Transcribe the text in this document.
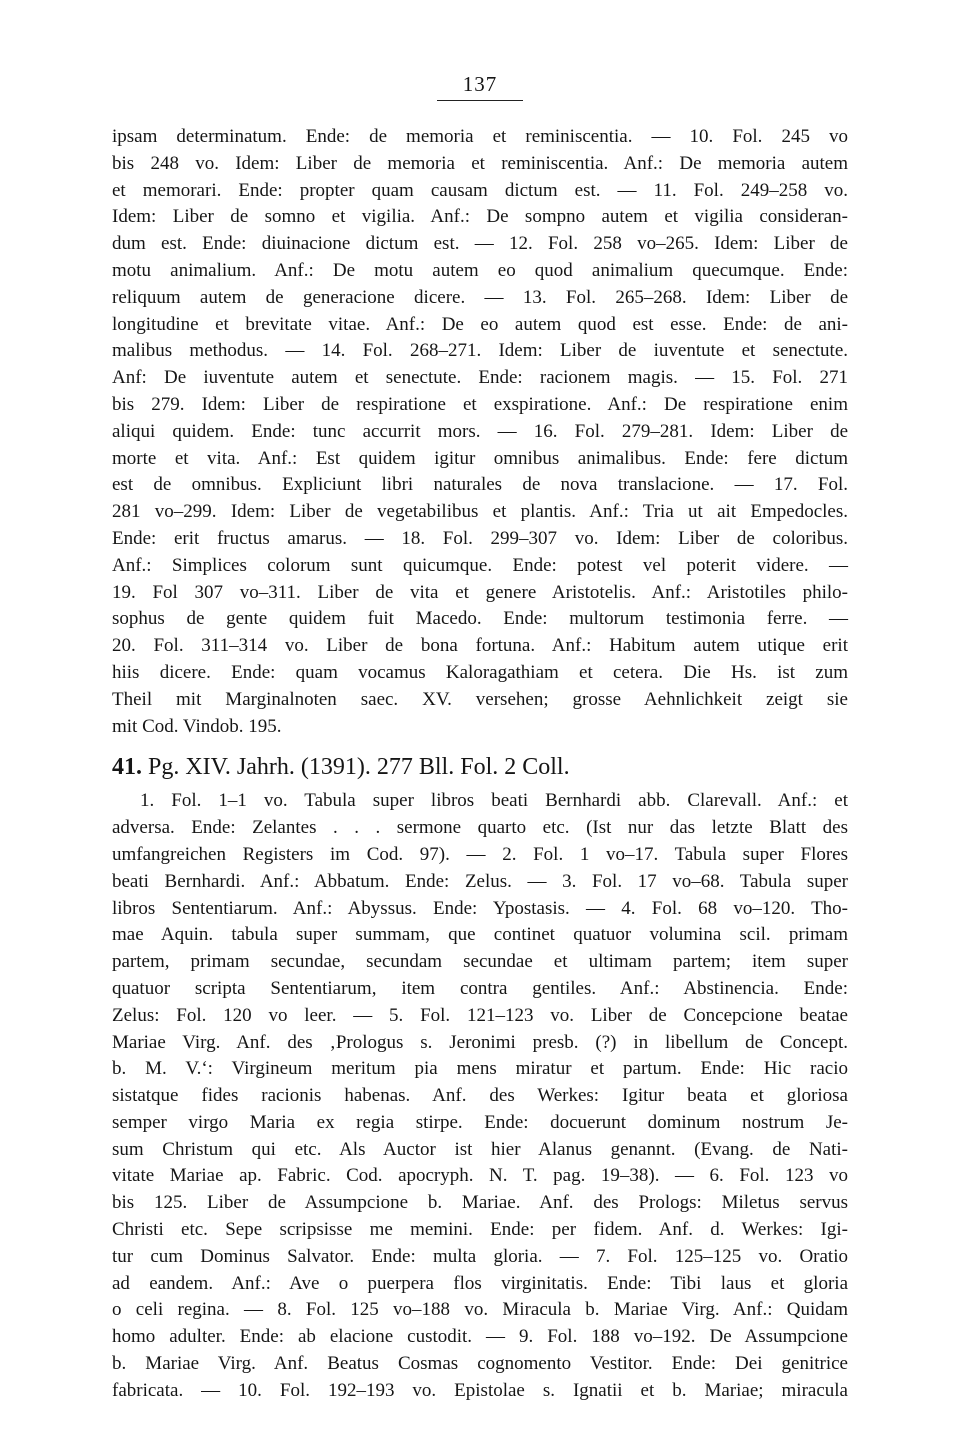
137

ipsam determinatum. Ende: de memoria et reminiscentia. — 10. Fol. 245 vo
bis 248 vo. Idem: Liber de memoria et reminiscentia. Anf.: De memoria autem
et memorari. Ende: propter quam causam dictum est. — 11. Fol. 249–258 vo.
Idem: Liber de somno et vigilia. Anf.: De sompno autem et vigilia consideran-
dum est. Ende: diuinacione dictum est. — 12. Fol. 258 vo–265. Idem: Liber de
motu animalium. Anf.: De motu autem eo quod animalium quecumque. Ende:
reliquum autem de generacione dicere. — 13. Fol. 265–268. Idem: Liber de
longitudine et brevitate vitae. Anf.: De eo autem quod est esse. Ende: de ani-
malibus methodus. — 14. Fol. 268–271. Idem: Liber de iuventute et senectute.
Anf: De iuventute autem et senectute. Ende: racionem magis. — 15. Fol. 271
bis 279. Idem: Liber de respiratione et exspiratione. Anf.: De respiratione enim
aliqui quidem. Ende: tunc accurrit mors. — 16. Fol. 279–281. Idem: Liber de
morte et vita. Anf.: Est quidem igitur omnibus animalibus. Ende: fere dictum
est de omnibus. Expliciunt libri naturales de nova translacione. — 17. Fol.
281 vo–299. Idem: Liber de vegetabilibus et plantis. Anf.: Tria ut ait Empedocles.
Ende: erit fructus amarus. — 18. Fol. 299–307 vo. Idem: Liber de coloribus.
Anf.: Simplices colorum sunt quicumque. Ende: potest vel poterit videre. —
19. Fol 307 vo–311. Liber de vita et genere Aristotelis. Anf.: Aristotiles philo-
sophus de gente quidem fuit Macedo. Ende: multorum testimonia ferre. —
20. Fol. 311–314 vo. Liber de bona fortuna. Anf.: Habitum autem utique erit
hiis dicere. Ende: quam vocamus Kaloragathiam et cetera. Die Hs. ist zum
Theil mit Marginalnoten saec. XV. versehen; grosse Aehnlichkeit zeigt sie
mit Cod. Vindob. 195.

41. Pg. XIV. Jahrh. (1391). 277 Bll. Fol. 2 Coll.

1. Fol. 1–1 vo. Tabula super libros beati Bernhardi abb. Clarevall. Anf.: et
adversa. Ende: Zelantes . . . sermone quarto etc. (Ist nur das letzte Blatt des
umfangreichen Registers im Cod. 97). — 2. Fol. 1 vo–17. Tabula super Flores
beati Bernhardi. Anf.: Abbatum. Ende: Zelus. — 3. Fol. 17 vo–68. Tabula super
libros Sententiarum. Anf.: Abyssus. Ende: Ypostasis. — 4. Fol. 68 vo–120. Tho-
mae Aquin. tabula super summam, que continet quatuor volumina scil. primam
partem, primam secundae, secundam secundae et ultimam partem; item super
quatuor scripta Sententiarum, item contra gentiles. Anf.: Abstinencia. Ende:
Zelus: Fol. 120 vo leer. — 5. Fol. 121–123 vo. Liber de Concepcione beatae
Mariae Virg. Anf. des ‚Prologus s. Jeronimi presb. (?) in libellum de Concept.
b. M. V.‘: Virgineum meritum pia mens miratur et partum. Ende: Hic racio
sistatque fides racionis habenas. Anf. des Werkes: Igitur beata et gloriosa
semper virgo Maria ex regia stirpe. Ende: docuerunt dominum nostrum Je-
sum Christum qui etc. Als Auctor ist hier Alanus genannt. (Evang. de Nati-
vitate Mariae ap. Fabric. Cod. apocryph. N. T. pag. 19–38). — 6. Fol. 123 vo
bis 125. Liber de Assumpcione b. Mariae. Anf. des Prologs: Miletus servus
Christi etc. Sepe scripsisse me memini. Ende: per fidem. Anf. d. Werkes: Igi-
tur cum Dominus Salvator. Ende: multa gloria. — 7. Fol. 125–125 vo. Oratio
ad eandem. Anf.: Ave o puerpera flos virginitatis. Ende: Tibi laus et gloria
o celi regina. — 8. Fol. 125 vo–188 vo. Miracula b. Mariae Virg. Anf.: Quidam
homo adulter. Ende: ab elacione custodit. — 9. Fol. 188 vo–192. De Assumpcione
b. Mariae Virg. Anf. Beatus Cosmas cognomento Vestitor. Ende: Dei genitrice
fabricata. — 10. Fol. 192–193 vo. Epistolae s. Ignatii et b. Mariae; miracula
